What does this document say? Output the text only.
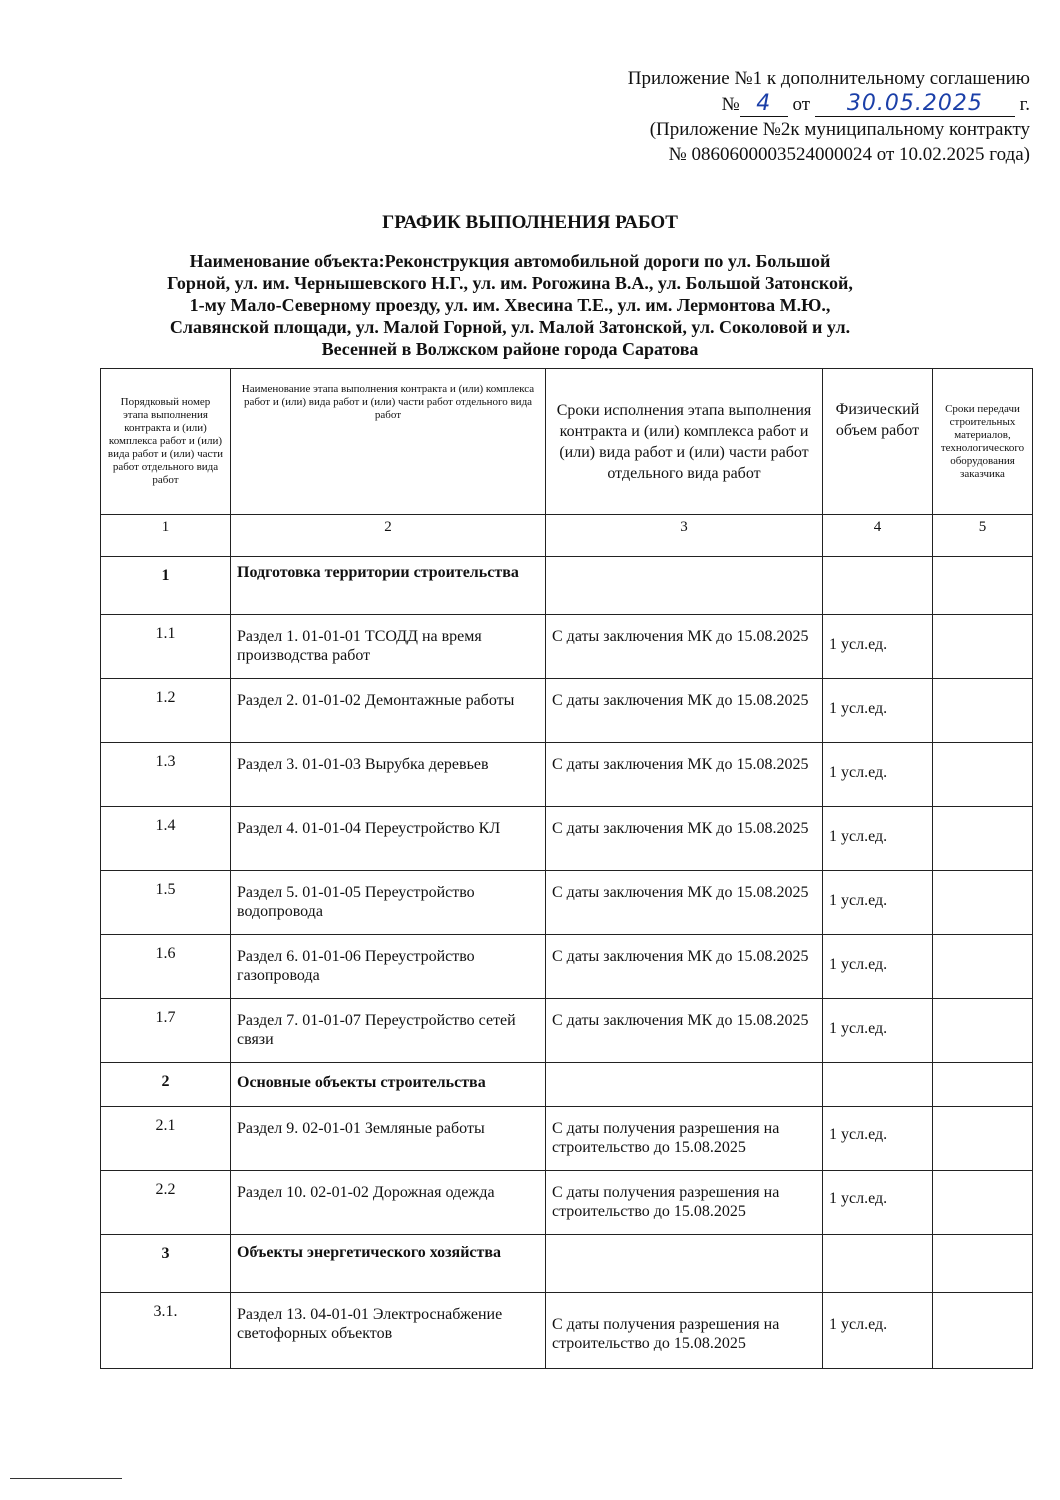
Приложение №1 к дополнительному соглашению
№ 4 от 30.05.2025 г.
(Приложение №2к муниципальному контракту
№ 0860600003524000024 от 10.02.2025 года)
ГРАФИК ВЫПОЛНЕНИЯ РАБОТ
Наименование объекта:Реконструкция автомобильной дороги по ул. Большой Горной, ул. им. Чернышевского Н.Г., ул. им. Рогожина В.А., ул. Большой Затонской, 1-му Мало-Северному проезду, ул. им. Хвесина Т.Е., ул. им. Лермонтова М.Ю., Славянской площади, ул. Малой Горной, ул. Малой Затонской, ул. Соколовой и ул. Весенней в Волжском районе города Саратова
Порядковый номер этапа выполнения контракта и (или) комплекса работ и (или) вида работ и (или) части работ отдельного вида работ	Наименование этапа выполнения контракта и (или) комплекса работ и (или) вида работ и (или) части работ отдельного вида работ	Сроки исполнения этапа выполнения контракта и (или) комплекса работ и (или) вида работ и (или) части работ отдельного вида работ	Физический объем работ	Сроки передачи строительных материалов, технологического оборудования заказчика
1	2	3	4	5
1	Подготовка территории строительства			
1.1	Раздел 1. 01-01-01 ТСОДД на время производства работ	С даты заключения МК до 15.08.2025	1 усл.ед.	
1.2	Раздел 2. 01-01-02 Демонтажные работы	С даты заключения МК до 15.08.2025	1 усл.ед.	
1.3	Раздел 3. 01-01-03 Вырубка деревьев	С даты заключения МК до 15.08.2025	1 усл.ед.	
1.4	Раздел 4. 01-01-04 Переустройство КЛ	С даты заключения МК до 15.08.2025	1 усл.ед.	
1.5	Раздел 5. 01-01-05 Переустройство водопровода	С даты заключения МК до 15.08.2025	1 усл.ед.	
1.6	Раздел 6. 01-01-06 Переустройство газопровода	С даты заключения МК до 15.08.2025	1 усл.ед.	
1.7	Раздел 7. 01-01-07 Переустройство сетей связи	С даты заключения МК до 15.08.2025	1 усл.ед.	
2	Основные объекты строительства			
2.1	Раздел 9. 02-01-01 Земляные работы	С даты получения разрешения на строительство до 15.08.2025	1 усл.ед.	
2.2	Раздел 10. 02-01-02 Дорожная одежда	С даты получения разрешения на строительство до 15.08.2025	1 усл.ед.	
3	Объекты энергетического хозяйства			
3.1.	Раздел 13. 04-01-01 Электроснабжение светофорных объектов	С даты получения разрешения на строительство до 15.08.2025	1 усл.ед.	
